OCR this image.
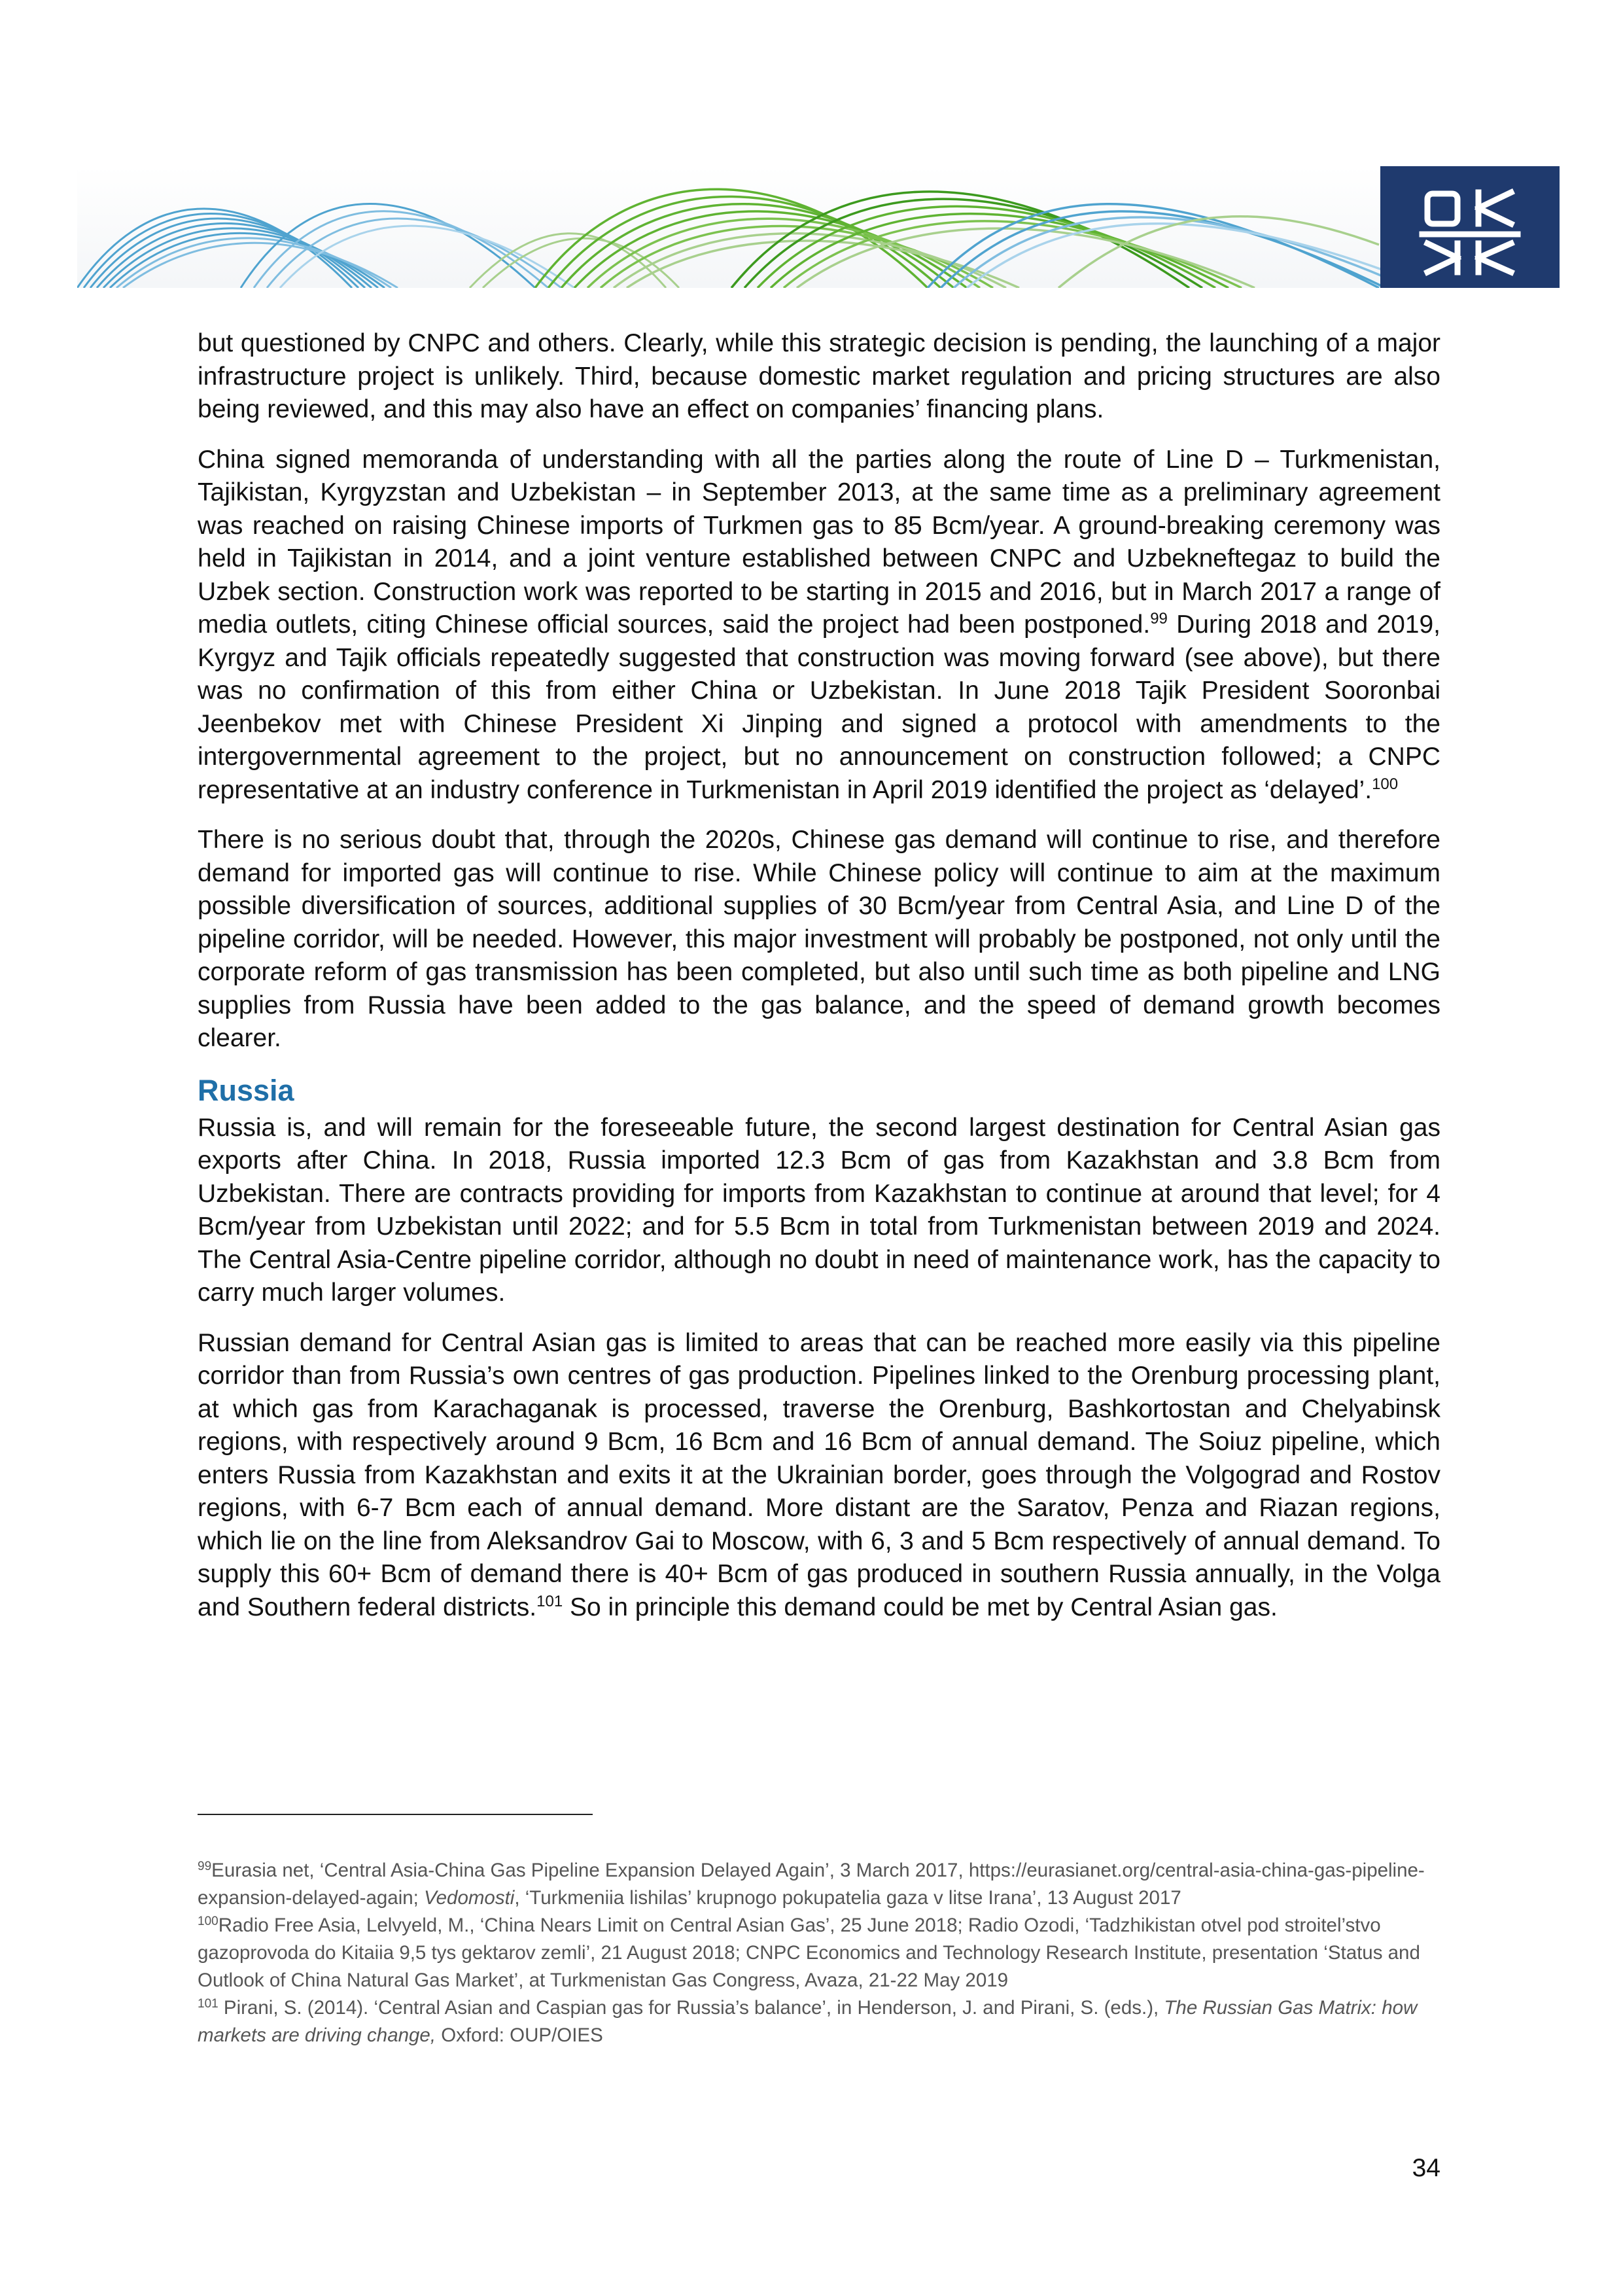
but questioned by CNPC and others. Clearly, while this strategic decision is pending, the launching of a major infrastructure project is unlikely. Third, because domestic market regulation and pricing structures are also being reviewed, and this may also have an effect on companies’ financing plans.

China signed memoranda of understanding with all the parties along the route of Line D – Turkmenistan, Tajikistan, Kyrgyzstan and Uzbekistan – in September 2013, at the same time as a preliminary agreement was reached on raising Chinese imports of Turkmen gas to 85 Bcm/year. A ground-breaking ceremony was held in Tajikistan in 2014, and a joint venture established between CNPC and Uzbekneftegaz to build the Uzbek section. Construction work was reported to be starting in 2015 and 2016, but in March 2017 a range of media outlets, citing Chinese official sources, said the project had been postponed.$^{99}$ During 2018 and 2019, Kyrgyz and Tajik officials repeatedly suggested that construction was moving forward (see above), but there was no confirmation of this from either China or Uzbekistan. In June 2018 Tajik President Sooronbai Jeenbekov met with Chinese President Xi Jinping and signed a protocol with amendments to the intergovernmental agreement to the project, but no announcement on construction followed; a CNPC representative at an industry conference in Turkmenistan in April 2019 identified the project as ‘delayed’.$^{100}$

There is no serious doubt that, through the 2020s, Chinese gas demand will continue to rise, and therefore demand for imported gas will continue to rise. While Chinese policy will continue to aim at the maximum possible diversification of sources, additional supplies of 30 Bcm/year from Central Asia, and Line D of the pipeline corridor, will be needed. However, this major investment will probably be postponed, not only until the corporate reform of gas transmission has been completed, but also until such time as both pipeline and LNG supplies from Russia have been added to the gas balance, and the speed of demand growth becomes clearer.

Russia

Russia is, and will remain for the foreseeable future, the second largest destination for Central Asian gas exports after China. In 2018, Russia imported 12.3 Bcm of gas from Kazakhstan and 3.8 Bcm from Uzbekistan. There are contracts providing for imports from Kazakhstan to continue at around that level; for 4 Bcm/year from Uzbekistan until 2022; and for 5.5 Bcm in total from Turkmenistan between 2019 and 2024. The Central Asia-Centre pipeline corridor, although no doubt in need of maintenance work, has the capacity to carry much larger volumes.

Russian demand for Central Asian gas is limited to areas that can be reached more easily via this pipeline corridor than from Russia’s own centres of gas production. Pipelines linked to the Orenburg processing plant, at which gas from Karachaganak is processed, traverse the Orenburg, Bashkortostan and Chelyabinsk regions, with respectively around 9 Bcm, 16 Bcm and 16 Bcm of annual demand. The Soiuz pipeline, which enters Russia from Kazakhstan and exits it at the Ukrainian border, goes through the Volgograd and Rostov regions, with 6-7 Bcm each of annual demand. More distant are the Saratov, Penza and Riazan regions, which lie on the line from Aleksandrov Gai to Moscow, with 6, 3 and 5 Bcm respectively of annual demand. To supply this 60+ Bcm of demand there is 40+ Bcm of gas produced in southern Russia annually, in the Volga and Southern federal districts.$^{101}$ So in principle this demand could be met by Central Asian gas.

$^{99}$Eurasia net, ‘Central Asia-China Gas Pipeline Expansion Delayed Again’, 3 March 2017, https://eurasianet.org/central-asia-china-gas-pipeline-expansion-delayed-again; Vedomosti, ‘Turkmeniia lishilas’ krupnogo pokupatelia gaza v litse Irana’, 13 August 2017

$^{100}$Radio Free Asia, Lelvyeld, M., ‘China Nears Limit on Central Asian Gas’, 25 June 2018; Radio Ozodi, ‘Tadzhikistan otvel pod stroitel’stvo gazoprovoda do Kitaiia 9,5 tys gektarov zemli’, 21 August 2018; CNPC Economics and Technology Research Institute, presentation ‘Status and Outlook of China Natural Gas Market’, at Turkmenistan Gas Congress, Avaza, 21-22 May 2019

$^{101}$ Pirani, S. (2014). ‘Central Asian and Caspian gas for Russia’s balance’, in Henderson, J. and Pirani, S. (eds.), The Russian Gas Matrix: how markets are driving change, Oxford: OUP/OIES

34
